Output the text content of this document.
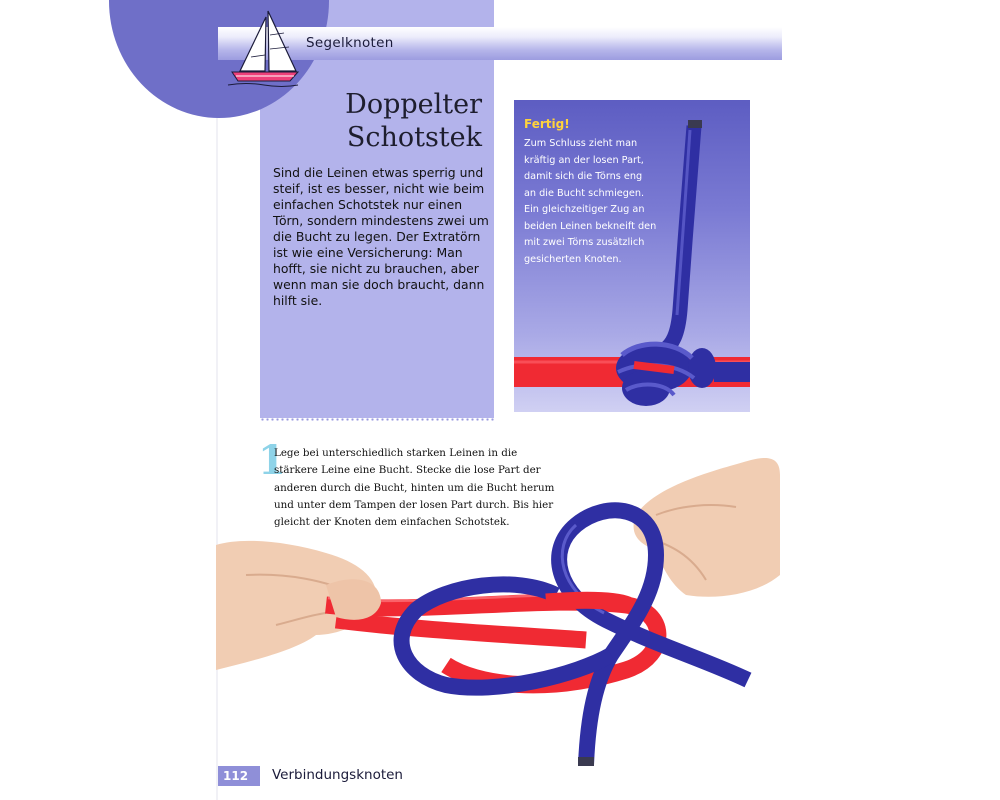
Segelknoten
Doppelter
Schotstek
Sind die Leinen etwas sperrig und
steif, ist es besser, nicht wie beim
einfachen Schotstek nur einen
Törn, sondern mindestens zwei um
die Bucht zu legen. Der Extratörn
ist wie eine Versicherung: Man
hofft, sie nicht zu brauchen, aber
wenn man sie doch braucht, dann
hilft sie.
Fertig!
Zum Schluss zieht man
kräftig an der losen Part,
damit sich die Törns eng
an die Bucht schmiegen.
Ein gleichzeitiger Zug an
beiden Leinen bekneift den
mit zwei Törns zusätzlich
gesicherten Knoten.
1
Lege bei unterschiedlich starken Leinen in die
stärkere Leine eine Bucht. Stecke die lose Part der
anderen durch die Bucht, hinten um die Bucht herum
und unter dem Tampen der losen Part durch. Bis hier
gleicht der Knoten dem einfachen Schotstek.
112 Verbindungsknoten
